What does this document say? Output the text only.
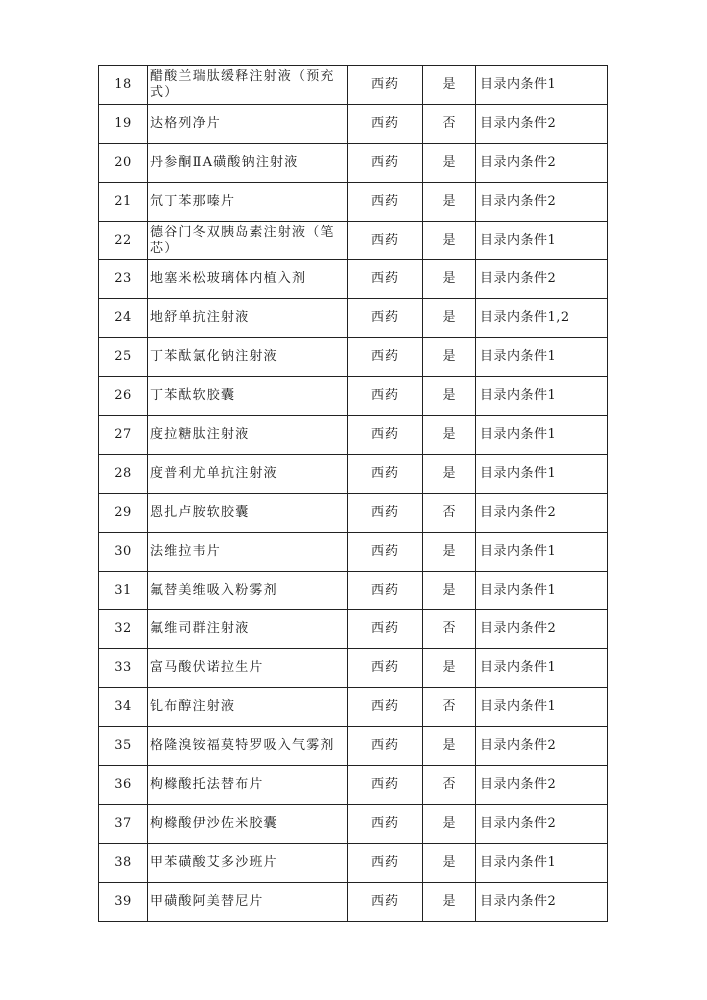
18	醋酸兰瑞肽缓释注射液（预充式）	西药	是	目录内条件1
19	达格列净片	西药	否	目录内条件2
20	丹参酮ⅡA磺酸钠注射液	西药	是	目录内条件2
21	氘丁苯那嗪片	西药	是	目录内条件2
22	德谷门冬双胰岛素注射液（笔芯）	西药	是	目录内条件1
23	地塞米松玻璃体内植入剂	西药	是	目录内条件2
24	地舒单抗注射液	西药	是	目录内条件1,2
25	丁苯酞氯化钠注射液	西药	是	目录内条件1
26	丁苯酞软胶囊	西药	是	目录内条件1
27	度拉糖肽注射液	西药	是	目录内条件1
28	度普利尤单抗注射液	西药	是	目录内条件1
29	恩扎卢胺软胶囊	西药	否	目录内条件2
30	法维拉韦片	西药	是	目录内条件1
31	氟替美维吸入粉雾剂	西药	是	目录内条件1
32	氟维司群注射液	西药	否	目录内条件2
33	富马酸伏诺拉生片	西药	是	目录内条件1
34	钆布醇注射液	西药	否	目录内条件1
35	格隆溴铵福莫特罗吸入气雾剂	西药	是	目录内条件2
36	枸橼酸托法替布片	西药	否	目录内条件2
37	枸橼酸伊沙佐米胶囊	西药	是	目录内条件2
38	甲苯磺酸艾多沙班片	西药	是	目录内条件1
39	甲磺酸阿美替尼片	西药	是	目录内条件2
